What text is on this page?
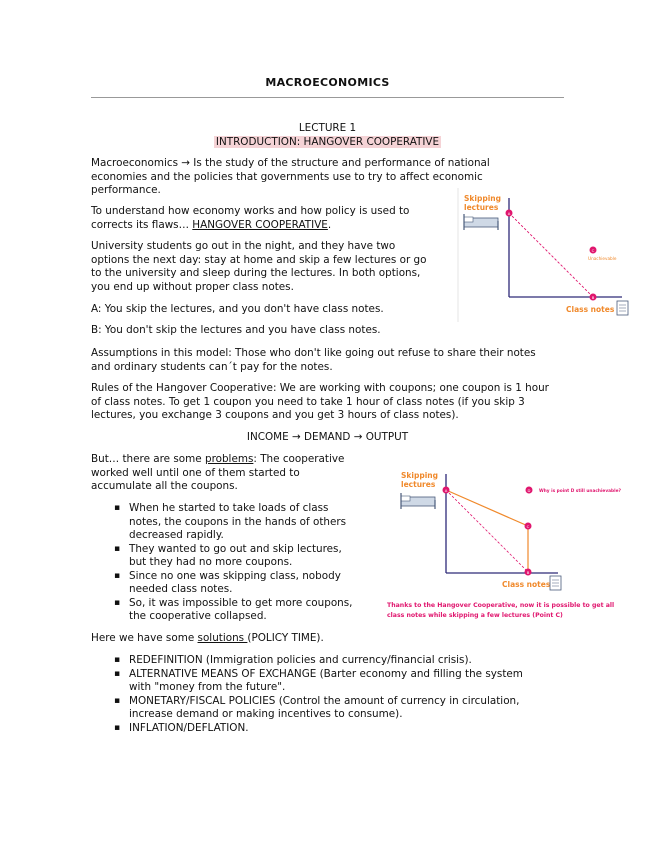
MACROECONOMICS
LECTURE 1
INTRODUCTION: HANGOVER COOPERATIVE
Macroeconomics → Is the study of the structure and performance of national
economies and the policies that governments use to try to affect economic
performance.
To understand how economy works and how policy is used to
corrects its flaws… HANGOVER COOPERATIVE.
University students go out in the night, and they have two
options the next day: stay at home and skip a few lectures or go
to the university and sleep during the lectures. In both options,
you end up without proper class notes.
A: You skip the lectures, and you don't have class notes.
B: You don't skip the lectures and you have class notes.
Assumptions in this model: Those who don't like going out refuse to share their notes
and ordinary students can´t pay for the notes.
Rules of the Hangover Cooperative: We are working with coupons; one coupon is 1 hour
of class notes. To get 1 coupon you need to take 1 hour of class notes (if you skip 3
lectures, you exchange 3 coupons and you get 3 hours of class notes).
INCOME → DEMAND → OUTPUT
But… there are some problems: The cooperative
worked well until one of them started to
accumulate all the coupons.
▪ When he started to take loads of class
notes, the coupons in the hands of others
decreased rapidly.
▪ They wanted to go out and skip lectures,
but they had no more coupons.
▪ Since no one was skipping class, nobody
needed class notes.
▪ So, it was impossible to get more coupons,
the cooperative collapsed.
Here we have some solutions (POLICY TIME).
▪ REDEFINITION (Immigration policies and currency/financial crisis).
▪ ALTERNATIVE MEANS OF EXCHANGE (Barter economy and filling the system
with "money from the future".
▪ MONETARY/FISCAL POLICIES (Control the amount of currency in circulation,
increase demand or making incentives to consume).
▪ INFLATION/DEFLATION.
Skipping
lectures
A
B
C
Unachievable
Class notes
Skipping
lectures
A
C
B
D Why is point D still unachievable?
Class notes
Thanks to the Hangover Cooperative, now it is possible to get all
class notes while skipping a few lectures (Point C)
